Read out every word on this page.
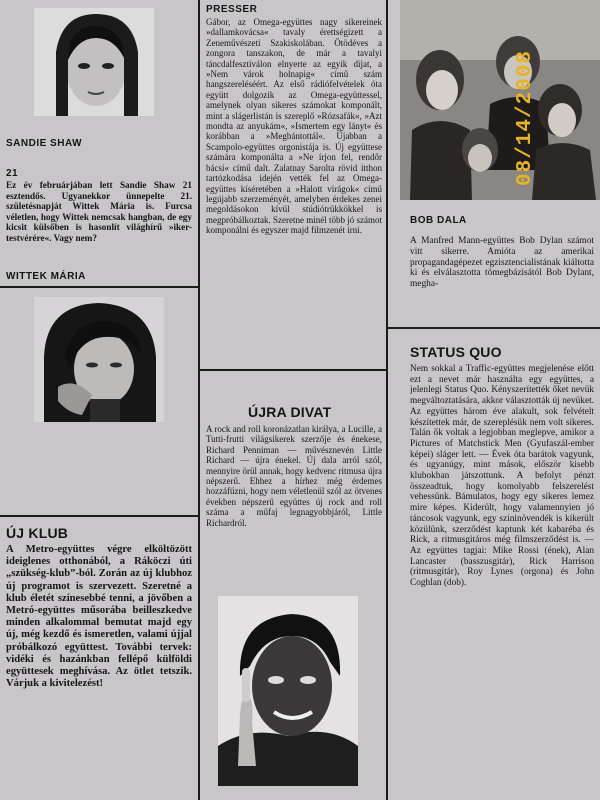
SANDIE SHAW
21

Ez év februárjában lett Sandie Shaw 21 esztendős. Ugyanekkor ünnepelte 21. születésnapját Wittek Mária is. Furcsa véletlen, hogy Wittek nemcsak hangban, de egy kicsit külsőben is hasonlít világhírű »iker-testvérére«. Vagy nem?

WITTEK MÁRIA
ÚJ KLUB

A Metro-együttes végre elköltözött ideiglenes otthonából, a Ráköczi úti „szükség-klub”-ból. Zorán az új klubhoz új programot is szervezett. Szeretné a klub életét színesebbé tenni, a jövőben a Metró-együttes műsorába beilleszkedve minden alkalommal bemutat majd egy új, még kezdő és ismeretlen, valami újjal próbálkozó együttest. További tervek: vidéki és hazánkban fellépő külföldi együttesek meghívása. Az ötlet tetszik. Várjuk a kivitelezést!

PRESSER

Gábor, az Omega-együttes nagy sikereinek »dallamkovácsa« tavaly érettségizett a Zeneművészeti Szakiskolában. Ötödéves a zongora tanszakon, de már a tavalyi táncdalfesztiválon elnyerte az egyik díjat, a »Nem várok holnapig« című szám hangszereléséért. Az első rádiófelvételek óta együtt dolgozik az Omega-együttessel, amelynek olyan sikeres számokat komponált, mint a slágerlistán is szereplő »Rózsafák«, »Azt mondta az anyukám«, »Ismertem egy lányt« és korábban a »Megbántottál«. Újabban a Scampolo-együttes orgonistája is. Új együttese számára komponálta a »Ne írjon fel, rendőr bácsi« című dalt. Zalatnay Sarolta rövid itthon tartózkodása idején vették fel az Omega-együttes kíséretében a »Halott virágok« című legújabb szerzeményét, amelyben érdekes zenei megoldásokon kívül stúdiótrükkökkel is megpróbálkoztak. Szeretne minél több jó számot komponálni és egyszer majd filmzenét írni.

ÚJRA DIVAT

A rock and roll koronázatlan királya, a Lucille, a Tutti-frutti világsikerek szerzője és énekese, Richard Penniman — művésznevén Little Richard — újra énekel. Új dala arról szól, mennyire örül annak, hogy kedvenc ritmusa újra népszerű. Ehhez a hírhez még érdemes hozzáfűzni, hogy nem véletlenül szól az ötvenes években népszerű együttes új rock and roll száma a műfaj legnagyobbjáról, Little Richardról.

08/14/2008
BOB DALA

A Manfred Mann-együttes Bob Dylan számot vitt sikerre. Amióta az amerikai propagandagépezet egzisztencialistának kiáltotta ki és elválasztotta tömegbázisától Bob Dylant, megha-

STATUS QUO

Nem sokkal a Traffic-együttes megjelenése előtt ezt a nevet már használta egy együttes, a jelenlegi Status Quo. Kényszerítették őket nevük megváltoztatására, akkor választották új nevüket. Az együttes három éve alakult, sok felvételt készítettek már, de szereplésük nem volt sikeres. Talán ők voltak a legjobban meglepve, amikor a Pictures of Matchstick Men (Gyufaszál-ember képei) sláger lett. — Évek óta barátok vagyunk, és ugyanúgy, mint mások, először kisebb klubokban játszottunk. A befolyt pénzt összeadtuk, hogy komolyabb felszerelést vehessünk. Bámulatos, hogy egy sikeres lemez mire képes. Kiderült, hogy valamennyien jó táncosok vagyunk, egy színinövendék is kikerült közülünk, szerződést kaptunk két kabaréba és Rick, a ritmusgitáros még filmszerződést is. — Az együttes tagjai: Mike Rossi (ének), Alan Lancaster (basszusgitár), Rick Harrison (ritmusgitár), Roy Lynes (orgona) és John Coghlan (dob).
